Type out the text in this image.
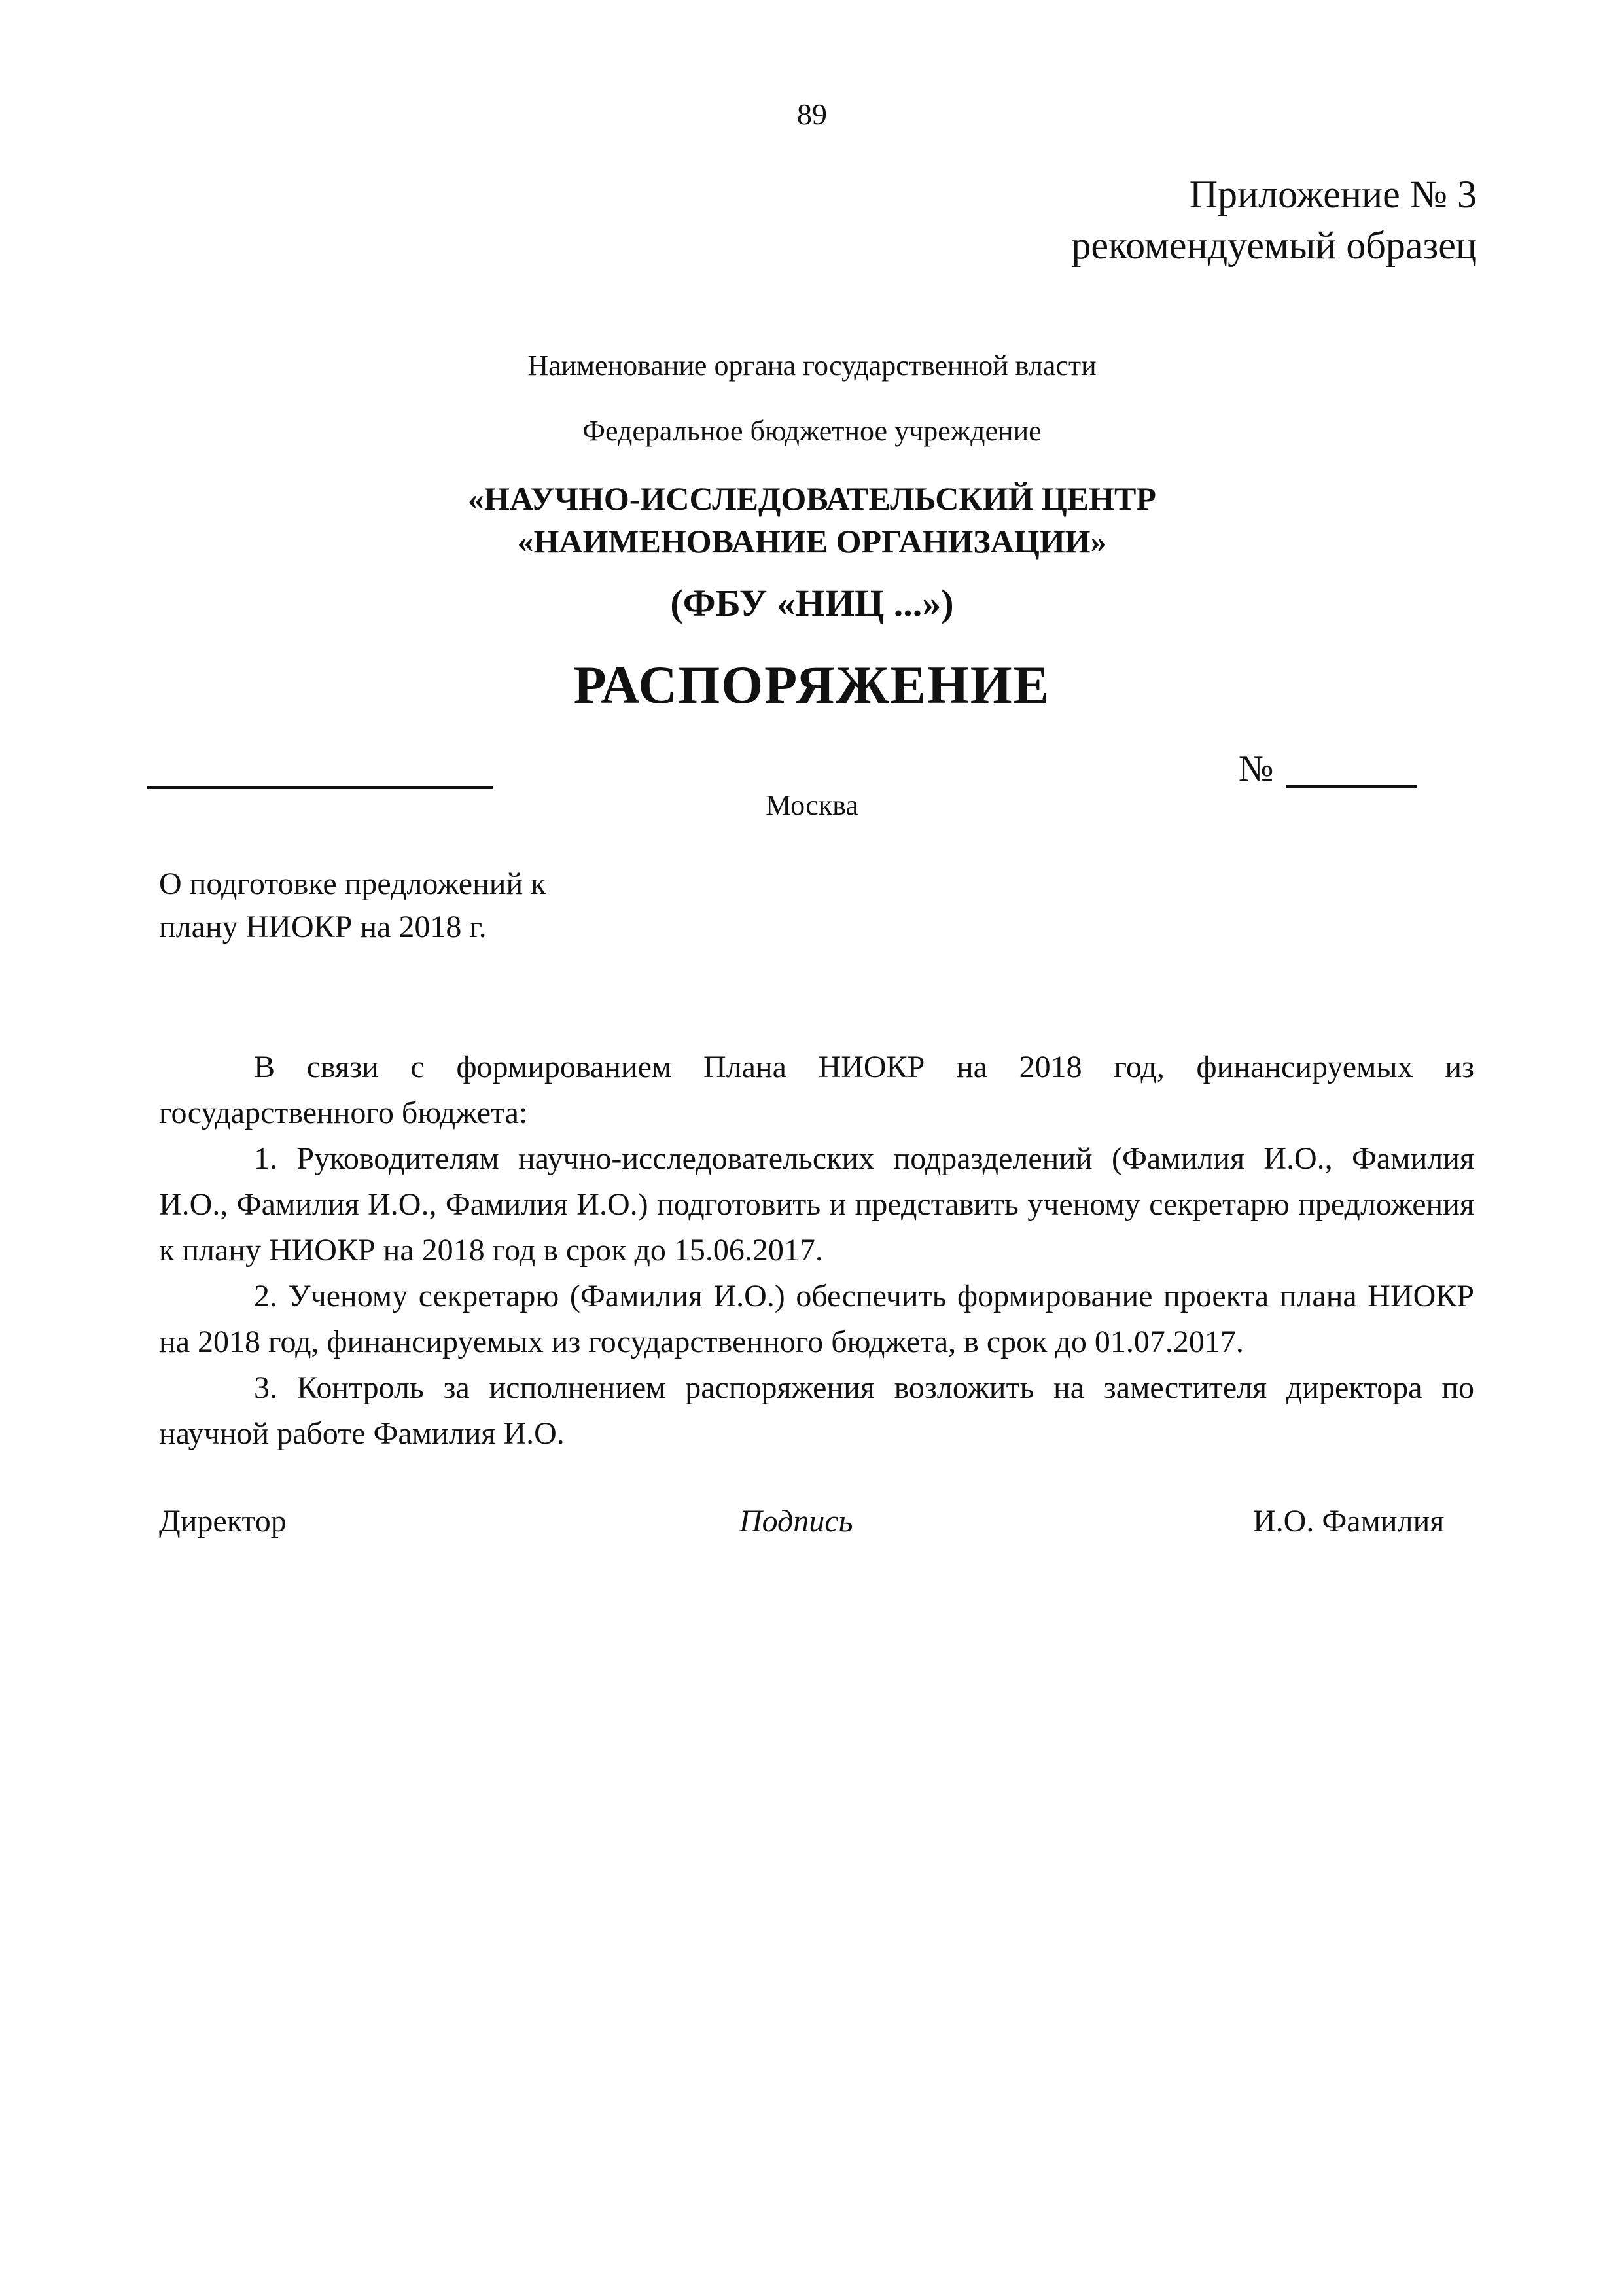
89
Приложение № 3
рекомендуемый образец
Наименование органа государственной власти
Федеральное бюджетное учреждение
«НАУЧНО-ИССЛЕДОВАТЕЛЬСКИЙ ЦЕНТР
«НАИМЕНОВАНИЕ ОРГАНИЗАЦИИ»
(ФБУ «НИЦ ...»)
РАСПОРЯЖЕНИЕ
№
Москва
О подготовке предложений к
плану НИОКР на 2018 г.

В связи с формированием Плана НИОКР на 2018 год, финансируемых из государственного бюджета:

1. Руководителям научно-исследовательских подразделений (Фамилия И.О., Фамилия И.О., Фамилия И.О., Фамилия И.О.) подготовить и представить ученому секретарю предложения к плану НИОКР на 2018 год в срок до 15.06.2017.

2. Ученому секретарю (Фамилия И.О.) обеспечить формирование проекта плана НИОКР на 2018 год, финансируемых из государственного бюджета, в срок до 01.07.2017.

3. Контроль за исполнением распоряжения возложить на заместителя директора по научной работе Фамилия И.О.

Директор	Подпись	И.О. Фамилия
